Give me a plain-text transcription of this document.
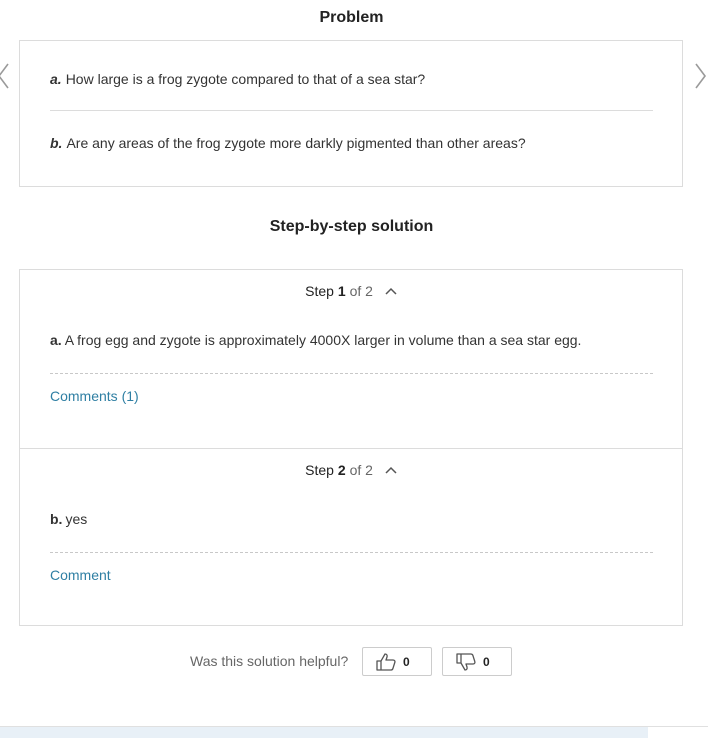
Problem
a. How large is a frog zygote compared to that of a sea star?
b. Are any areas of the frog zygote more darkly pigmented than other areas?
Step-by-step solution
Step 1 of 2
a. A frog egg and zygote is approximately 4000X larger in volume than a sea star egg.
Comments (1)
Step 2 of 2
b. yes
Comment
Was this solution helpful?	0	0
